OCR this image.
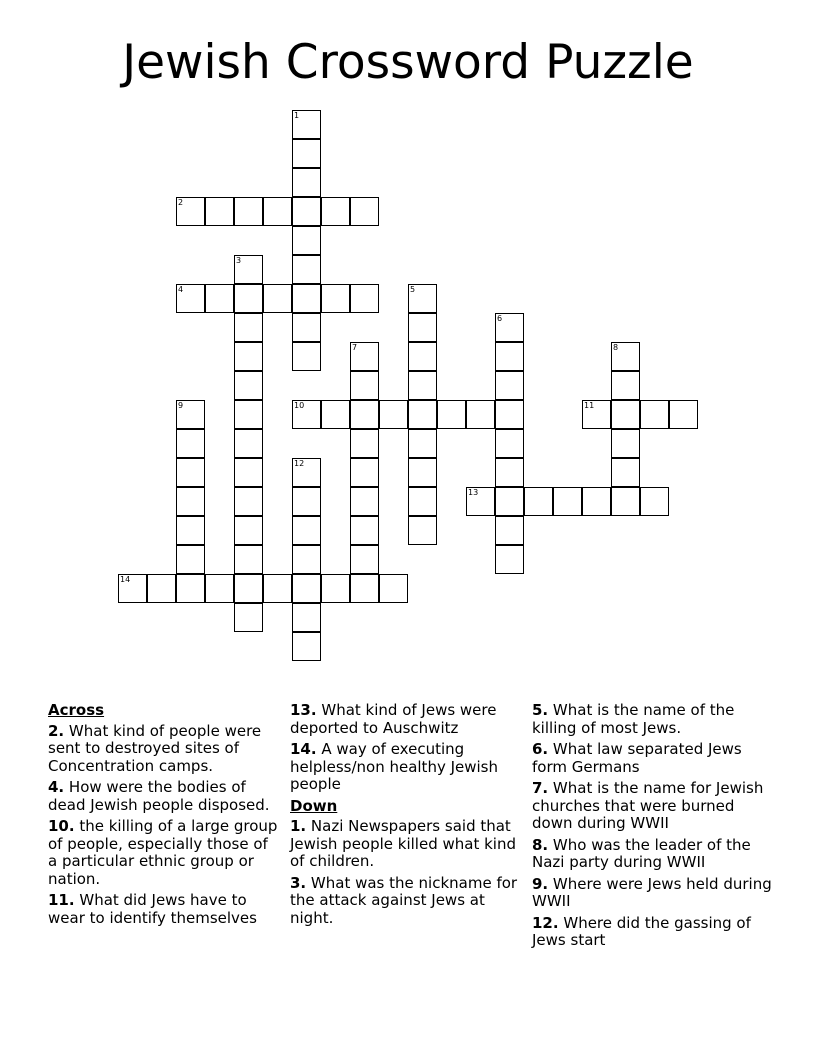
Jewish Crossword Puzzle
1
2
3
4	5
6
7	8
9	10	11
12
13
14
Across
2. What kind of people were sent to destroyed sites of Concentration camps.
4. How were the bodies of dead Jewish people disposed.
10. the killing of a large group of people, especially those of a particular ethnic group or nation.
11. What did Jews have to wear to identify themselves
13. What kind of Jews were deported to Auschwitz
14. A way of executing helpless/non healthy Jewish people
Down
1. Nazi Newspapers said that Jewish people killed what kind of children.
3. What was the nickname for the attack against Jews at night.
5. What is the name of the killing of most Jews.
6. What law separated Jews form Germans
7. What is the name for Jewish churches that were burned down during WWII
8. Who was the leader of the Nazi party during WWII
9. Where were Jews held during WWII
12. Where did the gassing of Jews start
